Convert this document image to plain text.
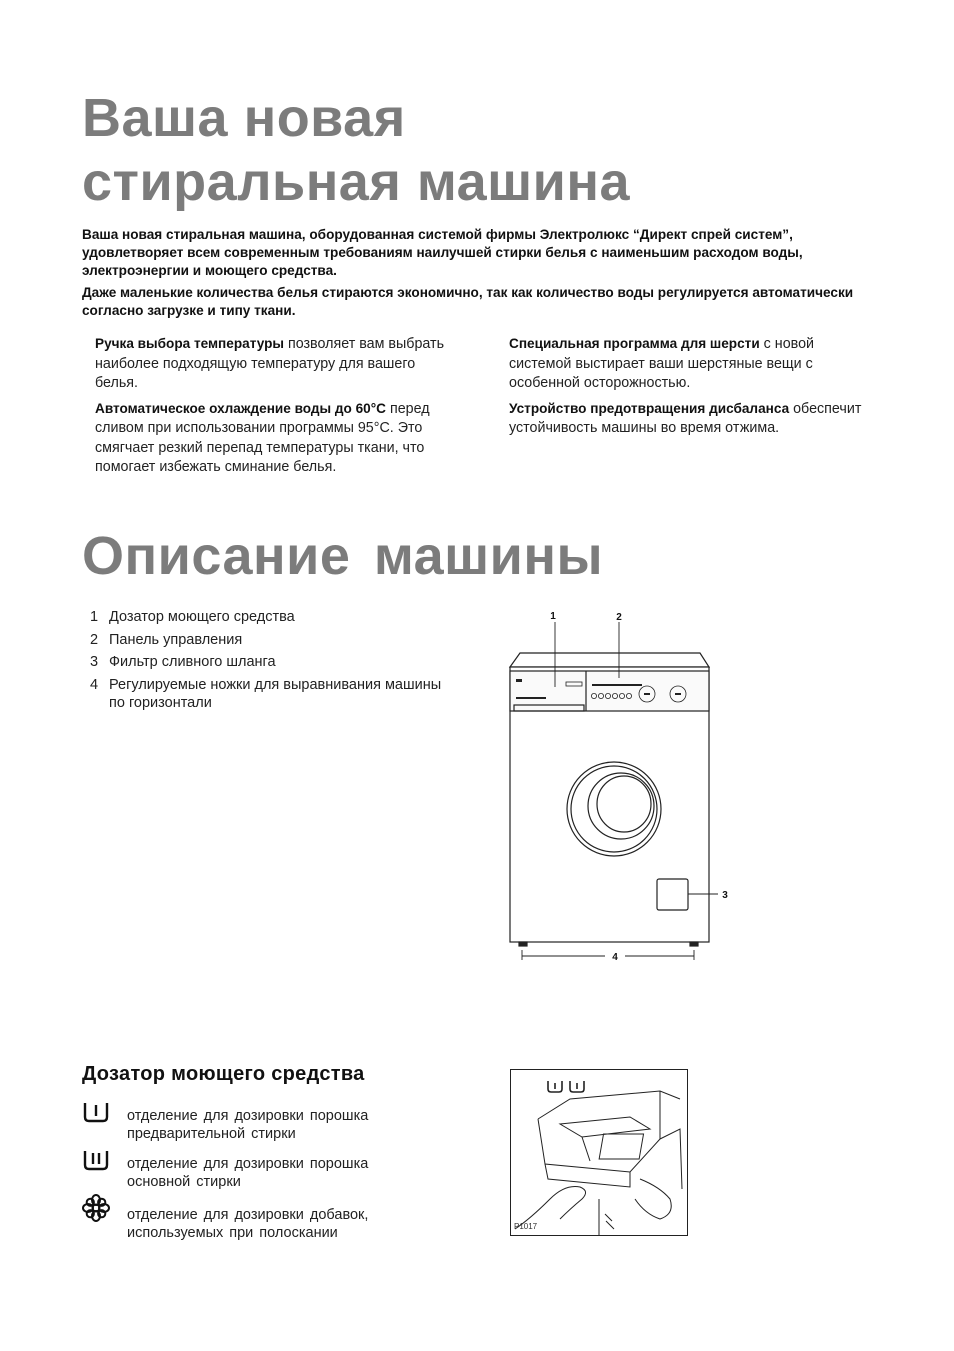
Ваша новая
стиральная машина

Ваша новая стиральная машина, оборудованная системой фирмы Электролюкс “Директ спрей систем”, удовлетворяет всем современным требованиям наилучшей стирки белья с наименьшим расходом воды, электроэнергии и моющего средства.

Даже маленькие количества белья стираются экономично, так как количество воды регулируется автоматически согласно загрузке и типу ткани.

Ручка выбора температуры позволяет вам выбрать наиболее подходящую температуру для вашего белья.

Автоматическое охлаждение воды до 60°С перед сливом при использовании программы 95°С. Это смягчает резкий перепад температуры ткани, что помогает избежать сминание белья.

Специальная программа для шерсти с новой системой выстирает ваши шерстяные вещи с особенной осторожностью.

Устройство предотвращения дисбаланса обеспечит устойчивость машины во время отжима.

Описание машины
1 Дозатор моющего средства
2 Панель управления
3 Фильтр сливного шланга
4 Регулируемые ножки для выравнивания машины по горизонтали
1	2
3
4
Дозатор моющего средства
отделение для дозировки порошка предварительной стирки
отделение для дозировки порошка основной стирки
отделение для дозировки добавок, используемых при полоскании	P1017
